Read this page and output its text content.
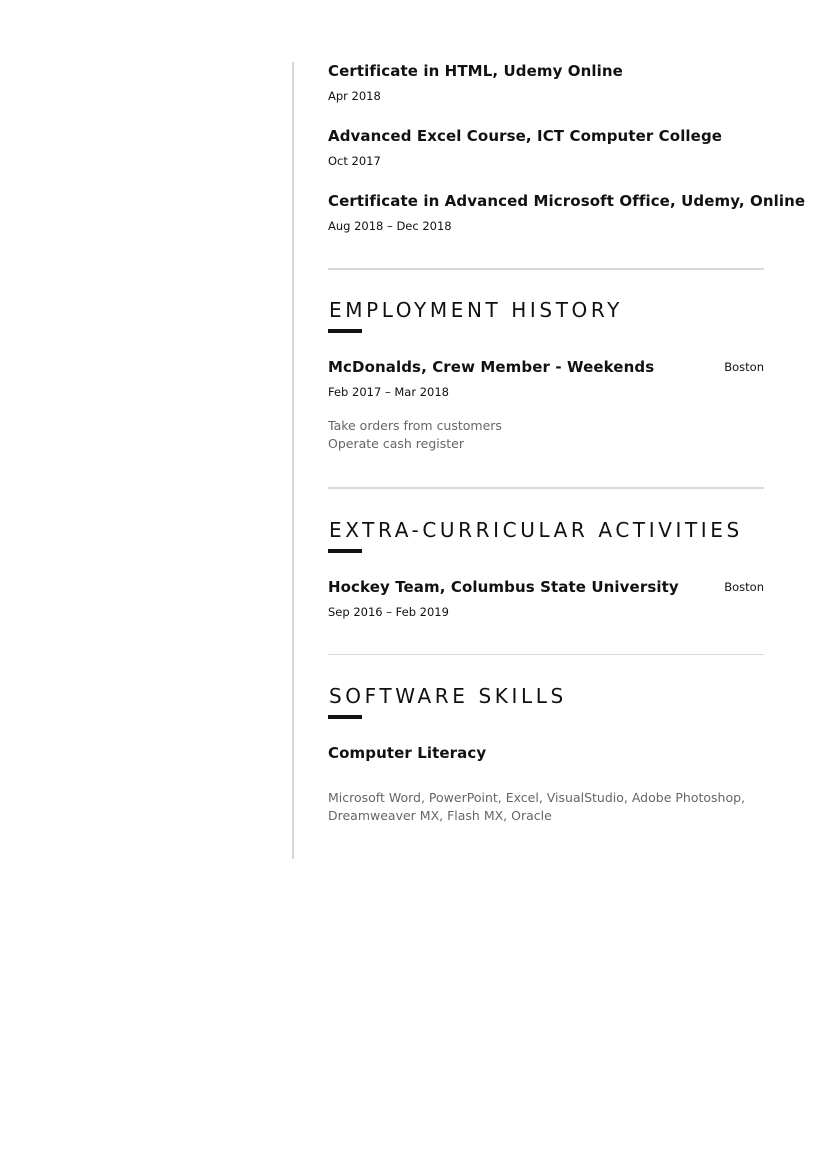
Certificate in HTML, Udemy Online
Apr 2018
Advanced Excel Course, ICT Computer College
Oct 2017
Certificate in Advanced Microsoft Office, Udemy, Online
Aug 2018 – Dec 2018
EMPLOYMENT HISTORY
McDonalds, Crew Member - Weekends	Boston
Feb 2017 – Mar 2018
Take orders from customers
Operate cash register
EXTRA-CURRICULAR ACTIVITIES
Hockey Team, Columbus State University	Boston
Sep 2016 – Feb 2019
SOFTWARE SKILLS
Computer Literacy
Microsoft Word, PowerPoint, Excel, VisualStudio, Adobe Photoshop,
Dreamweaver MX, Flash MX, Oracle
